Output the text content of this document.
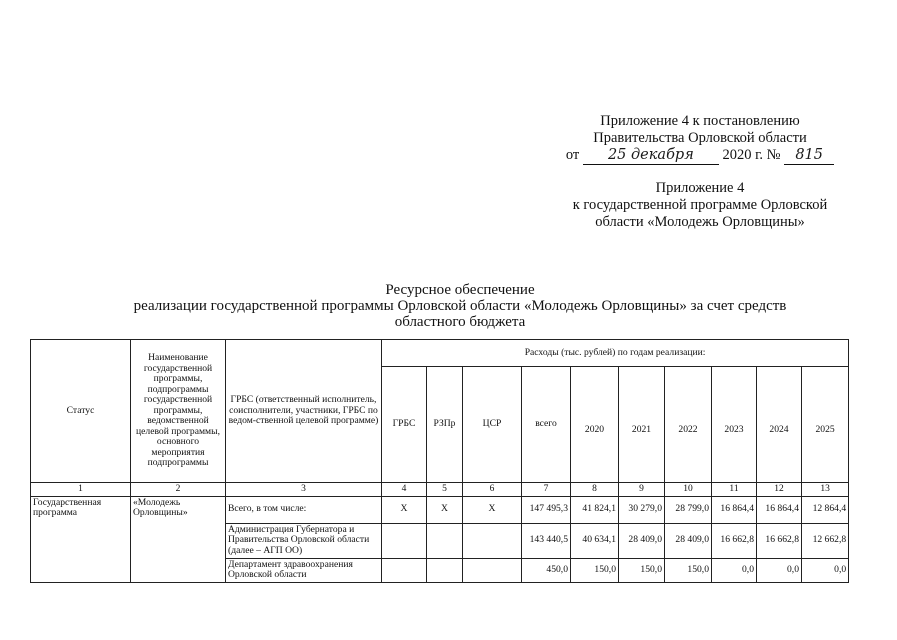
Приложение 4 к постановлению
Правительства Орловской области
от 25 декабря 2020 г. № 815
Приложение 4
к государственной программе Орловской
области «Молодежь Орловщины»
Ресурсное обеспечение
реализации государственной программы Орловской области «Молодежь Орловщины» за счет средств
областного бюджета
Статус	Наименование государственной программы, подпрограммы государственной программы, ведомственной целевой программы, основного мероприятия подпрограммы	ГРБС (ответственный исполнитель, соисполнители, участники, ГРБС по ведом-ственной целевой программе)	Расходы (тыс. рублей) по годам реализации:									
			ГРБС	РЗПр	ЦСР	всего	2020	2021	2022	2023	2024	2025
1	2	3	4	5	6	7	8	9	10	11	12	13
Государственная программа	«Молодежь Орловщины»	Всего, в том числе:	Х	Х	Х	147 495,3	41 824,1	30 279,0	28 799,0	16 864,4	16 864,4	12 864,4
		Администрация Губернатора и Правительства Орловской области (далее – АГП ОО)				143 440,5	40 634,1	28 409,0	28 409,0	16 662,8	16 662,8	12 662,8
		Департамент здравоохранения Орловской области				450,0	150,0	150,0	150,0	0,0	0,0	0,0
